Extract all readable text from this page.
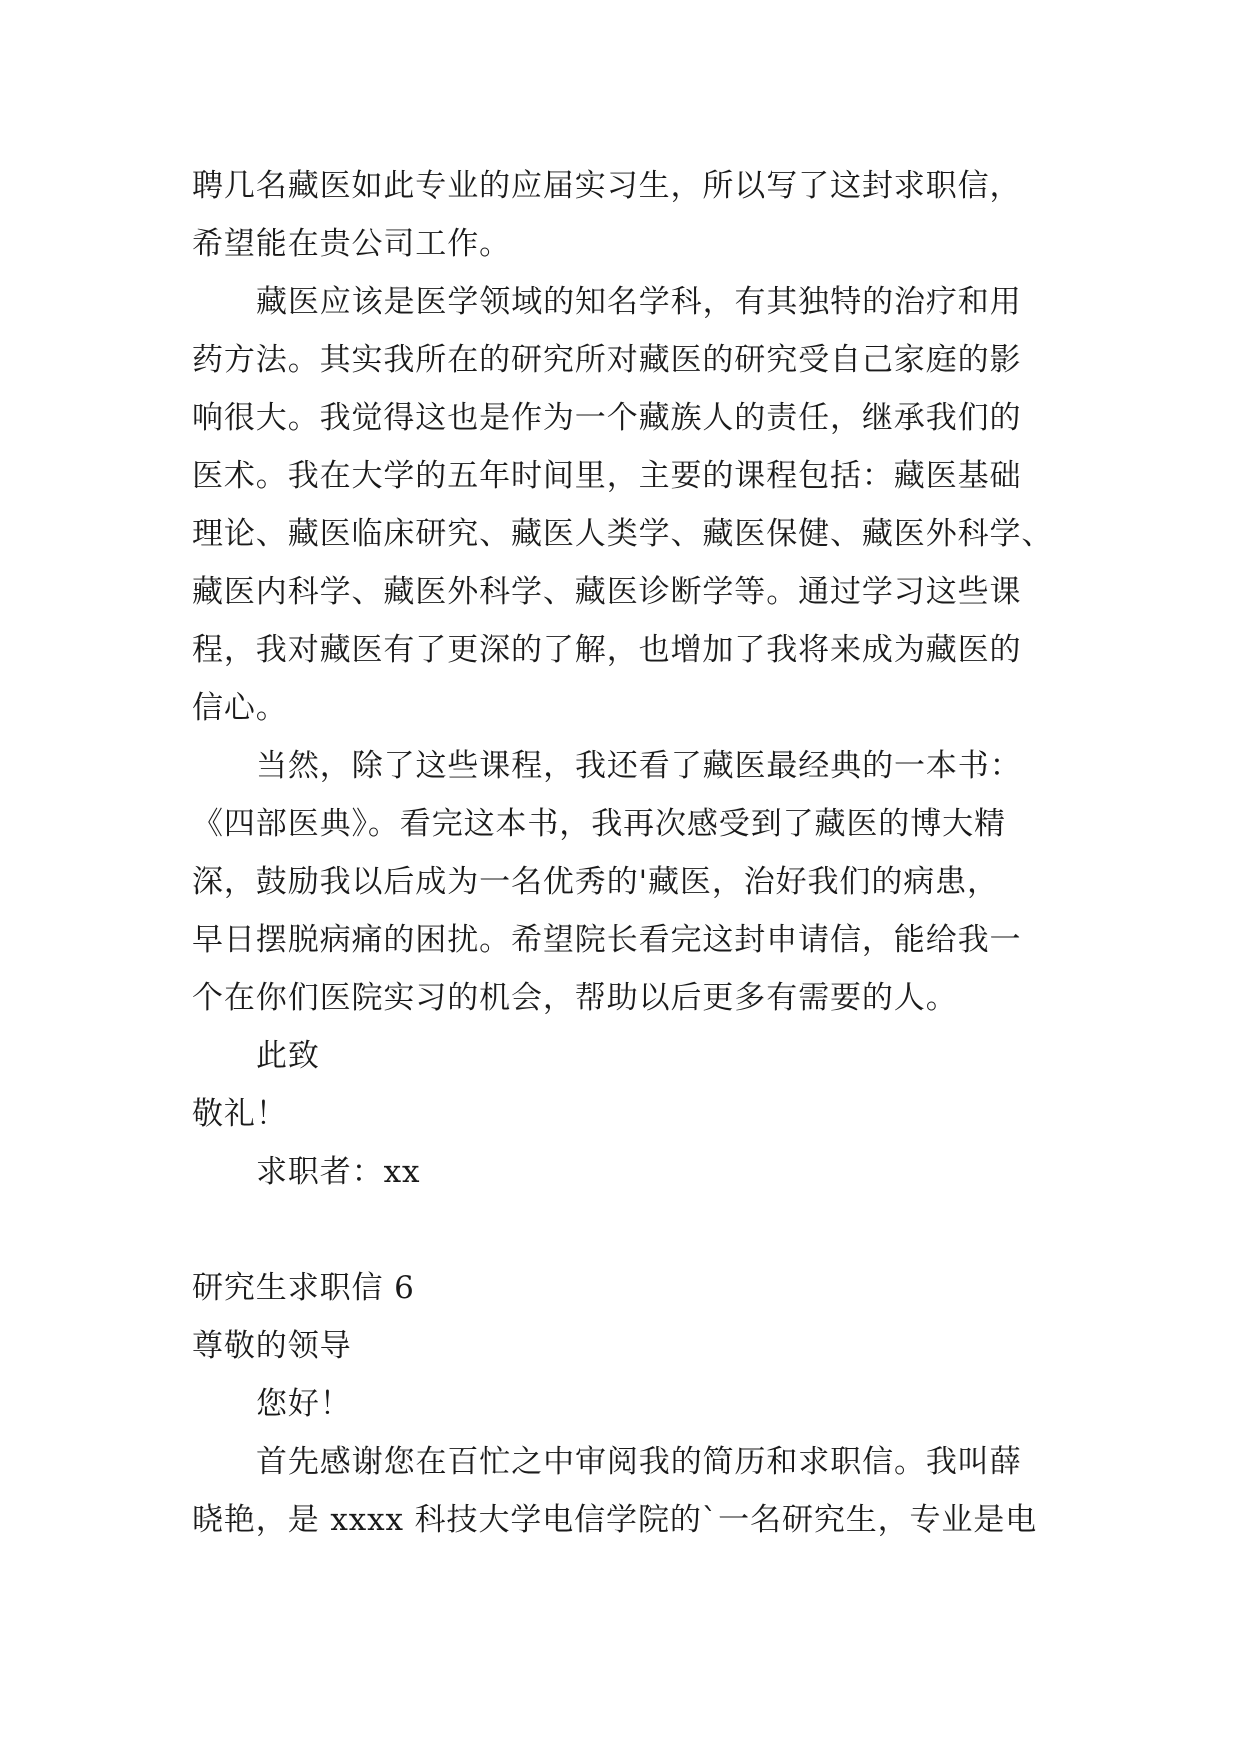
聘几名藏医如此专业的应届实习生，所以写了这封求职信，
希望能在贵公司工作。
藏医应该是医学领域的知名学科，有其独特的治疗和用
药方法。其实我所在的研究所对藏医的研究受自己家庭的影
响很大。我觉得这也是作为一个藏族人的责任，继承我们的
医术。我在大学的五年时间里，主要的课程包括：藏医基础
理论、藏医临床研究、藏医人类学、藏医保健、藏医外科学、
藏医内科学、藏医外科学、藏医诊断学等。通过学习这些课
程，我对藏医有了更深的了解，也增加了我将来成为藏医的
信心。
当然，除了这些课程，我还看了藏医最经典的一本书：
《四部医典》。看完这本书，我再次感受到了藏医的博大精
深，鼓励我以后成为一名优秀的'藏医，治好我们的病患，
早日摆脱病痛的困扰。希望院长看完这封申请信，能给我一
个在你们医院实习的机会，帮助以后更多有需要的人。
此致
敬礼！
求职者：xx
研究生求职信 6
尊敬的领导
您好！
首先感谢您在百忙之中审阅我的简历和求职信。我叫薛
晓艳，是 xxxx 科技大学电信学院的`一名研究生，专业是电
